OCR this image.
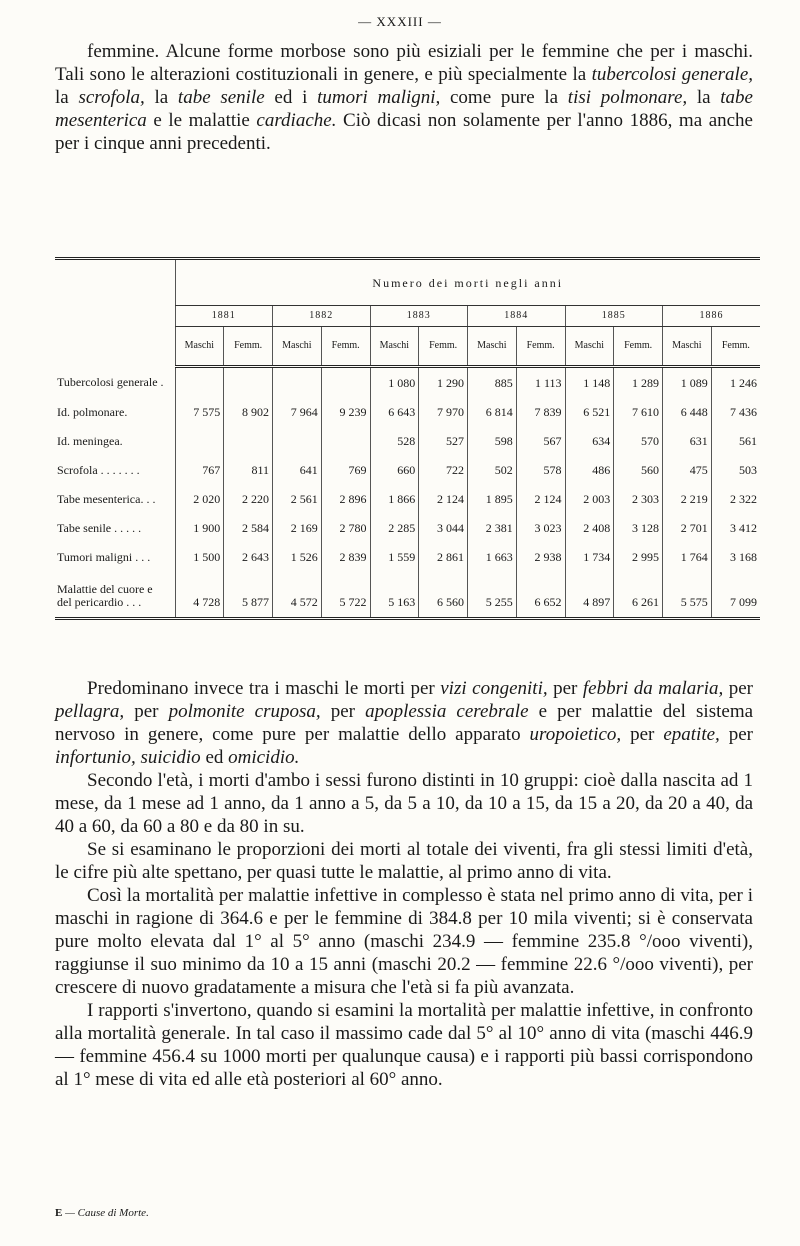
— XXXIII —

femmine. Alcune forme morbose sono più esiziali per le femmine che per i maschi. Tali sono le alterazioni costituzionali in genere, e più specialmente la tubercolosi generale, la scrofola, la tabe senile ed i tumori maligni, come pure la tisi polmonare, la tabe mesenterica e le malattie cardiache. Ciò dicasi non solamente per l'anno 1886, ma anche per i cinque anni precedenti.

	Numero dei morti negli anni											
	1881		1882		1883		1884		1885		1886	
	Maschi	Femm.	Maschi	Femm.	Maschi	Femm.	Maschi	Femm.	Maschi	Femm.	Maschi	Femm.
Tubercolosi generale .					1 080	1 290	885	1 113	1 148	1 289	1 089	1 246
Id. polmonare.	7 575	8 902	7 964	9 239	6 643	7 970	6 814	7 839	6 521	7 610	6 448	7 436
Id. meningea.					528	527	598	567	634	570	631	561
Scrofola . . . . . . .	767	811	641	769	660	722	502	578	486	560	475	503
Tabe mesenterica. . .	2 020	2 220	2 561	2 896	1 866	2 124	1 895	2 124	2 003	2 303	2 219	2 322
Tabe senile . . . . .	1 900	2 584	2 169	2 780	2 285	3 044	2 381	3 023	2 408	3 128	2 701	3 412
Tumori maligni . . .	1 500	2 643	1 526	2 839	1 559	2 861	1 663	2 938	1 734	2 995	1 764	3 168

Malattie del cuore e
del pericardio . . .	4 728	5 877	4 572	5 722	5 163	6 560	5 255	6 652	4 897	6 261	5 575	7 099

Predominano invece tra i maschi le morti per vizi congeniti, per febbri da malaria, per pellagra, per polmonite cruposa, per apoplessia cerebrale e per malattie del sistema nervoso in genere, come pure per malattie dello apparato uropoietico, per epatite, per infortunio, suicidio ed omicidio.

Secondo l'età, i morti d'ambo i sessi furono distinti in 10 gruppi: cioè dalla nascita ad 1 mese, da 1 mese ad 1 anno, da 1 anno a 5, da 5 a 10, da 10 a 15, da 15 a 20, da 20 a 40, da 40 a 60, da 60 a 80 e da 80 in su.

Se si esaminano le proporzioni dei morti al totale dei viventi, fra gli stessi limiti d'età, le cifre più alte spettano, per quasi tutte le malattie, al primo anno di vita.

Così la mortalità per malattie infettive in complesso è stata nel primo anno di vita, per i maschi in ragione di 364.6 e per le femmine di 384.8 per 10 mila viventi; si è conservata pure molto elevata dal 1° al 5° anno (maschi 234.9 — femmine 235.8 °/ooo viventi), raggiunse il suo minimo da 10 a 15 anni (maschi 20.2 — femmine 22.6 °/ooo viventi), per crescere di nuovo gradatamente a misura che l'età si fa più avanzata.

I rapporti s'invertono, quando si esamini la mortalità per malattie infettive, in confronto alla mortalità generale. In tal caso il massimo cade dal 5° al 10° anno di vita (maschi 446.9 — femmine 456.4 su 1000 morti per qualunque causa) e i rapporti più bassi corrispondono al 1° mese di vita ed alle età posteriori al 60° anno.

E — Cause di Morte.
